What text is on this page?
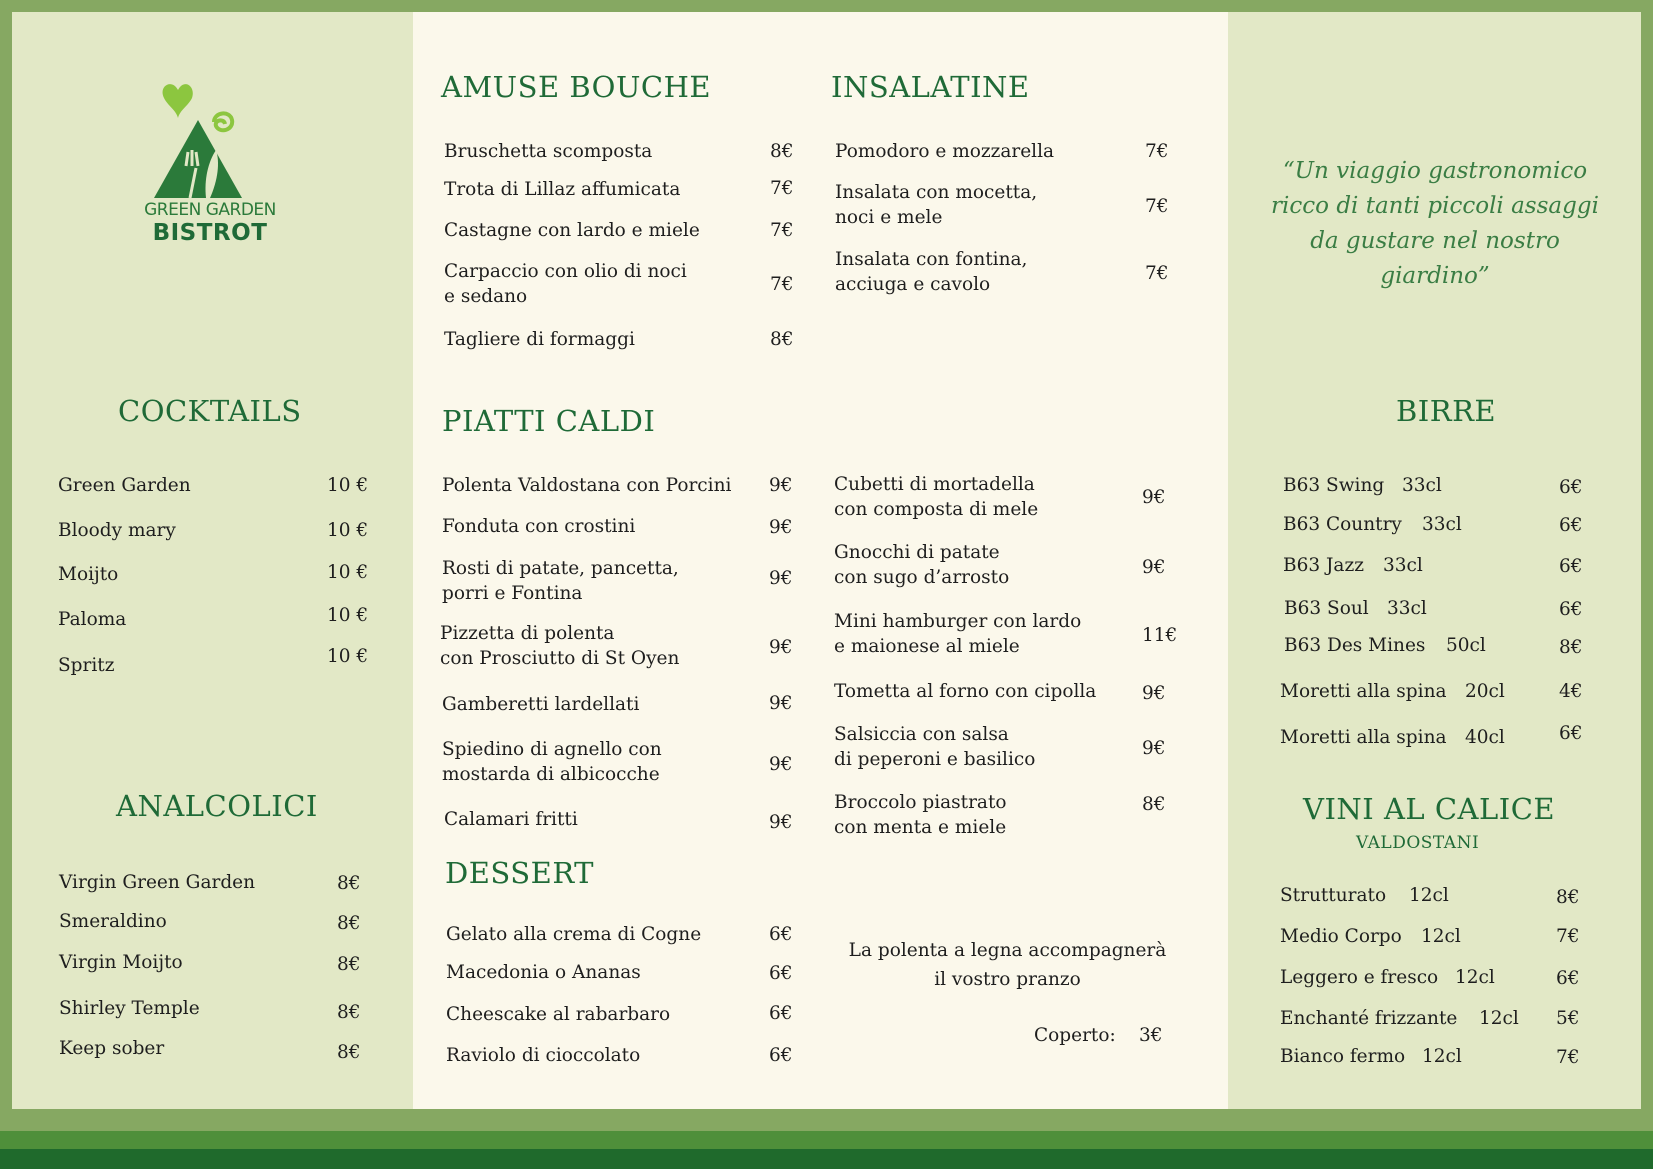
GREEN GARDEN
BISTROT
COCKTAILS
Green Garden	10 €
Bloody mary	10 €
Moijto	10 €
Paloma	10 €
Spritz	10 €
ANALCOLICI
Virgin Green Garden	8€
Smeraldino	8€
Virgin Moijto	8€
Shirley Temple	8€
Keep sober	8€
AMUSE BOUCHE
Bruschetta scomposta	8€
Trota di Lillaz affumicata	7€
Castagne con lardo e miele	7€
Carpaccio con olio di noci
e sedano
7€
Tagliere di formaggi	8€
INSALATINE
Pomodoro e mozzarella	7€
Insalata con mocetta,
noci e mele
7€
Insalata con fontina,
acciuga e cavolo
7€
PIATTI CALDI
Polenta Valdostana con Porcini 9€
Fonduta con crostini	9€
Rosti di patate, pancetta,
porri e Fontina
9€
Pizzetta di polenta
con Prosciutto di St Oyen
9€
Gamberetti lardellati	9€
Spiedino di agnello con
mostarda di albicocche	9€
Calamari fritti	9€
Cubetti di mortadella
con composta di mele
9€
Gnocchi di patate
con sugo d’arrosto	9€
Mini hamburger con lardo
e maionese al miele
11€
Tometta al forno con cipolla 9€
Salsiccia con salsa
di peperoni e basilico
9€
Broccolo piastrato
con menta e miele
8€
DESSERT
Gelato alla crema di Cogne	6€
Macedonia o Ananas	6€
Cheescake al rabarbaro	6€
Raviolo di cioccolato	6€
La polenta a legna accompagnerà
il vostro pranzo
Coperto: 3€
“Un viaggio gastronomico ricco di tanti piccoli assaggi da gustare nel nostro giardino”
BIRRE
B63 Swing 33cl	6€
B63 Country 33cl	6€
B63 Jazz 33cl	6€
B63 Soul 33cl	6€
B63 Des Mines 50cl	8€
Moretti alla spina 20cl	4€
Moretti alla spina 40cl	6€
VINI AL CALICE
VALDOSTANI
Strutturato 12cl	8€
Medio Corpo 12cl	7€
Leggero e fresco 12cl	6€
Enchanté frizzante 12cl 5€
Bianco fermo 12cl	7€
